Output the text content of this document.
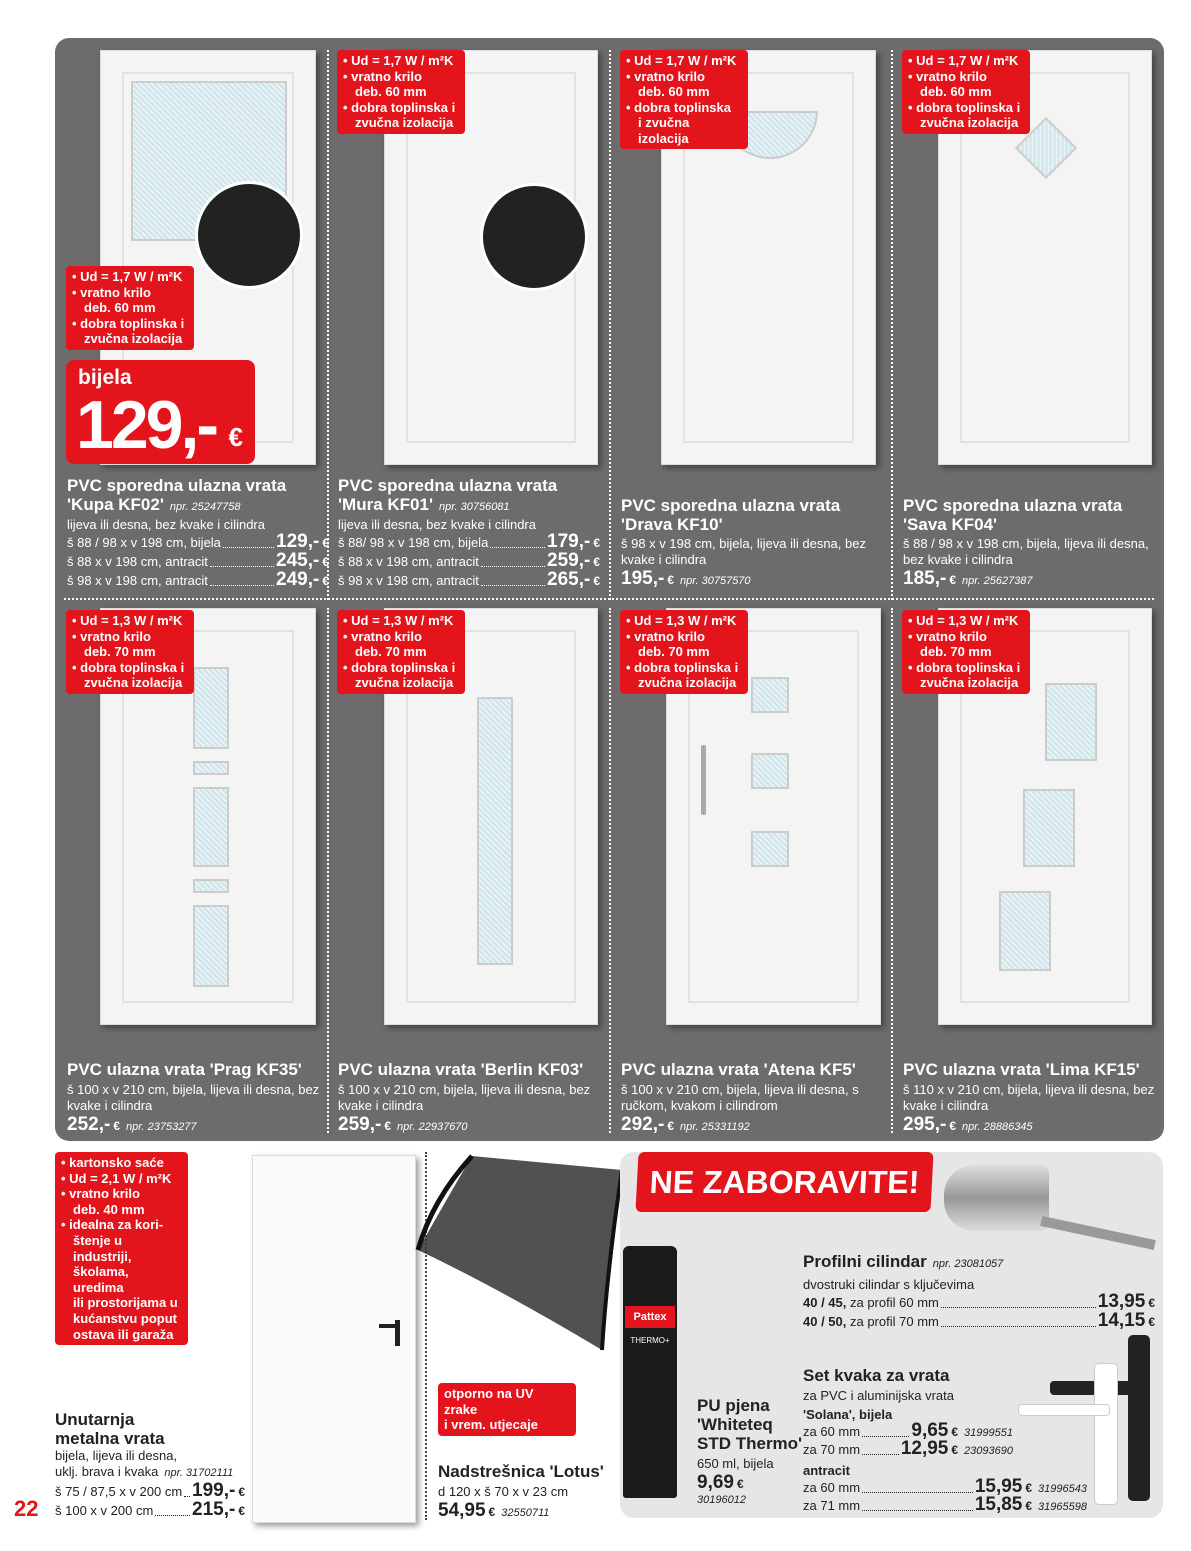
bijela
129,- €
• Ud = 1,7 W / m²K
• vratno krilo
deb. 60 mm
• dobra toplinska i
zvučna izolacija
• Ud = 1,7 W / m²K
• vratno krilo
deb. 60 mm
• dobra toplinska i
zvučna izolacija
• Ud = 1,7 W / m²K
• vratno krilo
deb. 60 mm
• dobra toplinska
i zvučna izolacija
• Ud = 1,7 W / m²K
• vratno krilo
deb. 60 mm
• dobra toplinska i
zvučna izolacija
PVC sporedna ulazna vrata
'Kupa KF02' npr. 25247758
lijeva ili desna, bez kvake i cilindra
š 88 / 98 x v 198 cm, bijela	129,- €
š 88 x v 198 cm, antracit	245,- €
š 98 x v 198 cm, antracit	249,- €
PVC sporedna ulazna vrata
'Mura KF01' npr. 30756081
lijeva ili desna, bez kvake i cilindra
š 88/ 98 x v 198 cm, bijela	179,- €
š 88 x v 198 cm, antracit	259,- €
š 98 x v 198 cm, antracit	265,- €
PVC sporedna ulazna vrata
'Drava KF10'
š 98 x v 198 cm, bijela, lijeva ili desna, bez kvake i cilindra
195,- € npr. 30757570
PVC sporedna ulazna vrata
'Sava KF04'
š 88 / 98 x v 198 cm, bijela, lijeva ili desna, bez kvake i cilindra
185,- € npr. 25627387
• Ud = 1,3 W / m²K
• vratno krilo
deb. 70 mm
• dobra toplinska i
zvučna izolacija
• Ud = 1,3 W / m²K
• vratno krilo
deb. 70 mm
• dobra toplinska i
zvučna izolacija
• Ud = 1,3 W / m²K
• vratno krilo
deb. 70 mm
• dobra toplinska i
zvučna izolacija
• Ud = 1,3 W / m²K
• vratno krilo
deb. 70 mm
• dobra toplinska i
zvučna izolacija
PVC ulazna vrata 'Prag KF35'
š 100 x v 210 cm, bijela, lijeva ili desna, bez kvake i cilindra
252,- € npr. 23753277
PVC ulazna vrata 'Berlin KF03'
š 100 x v 210 cm, bijela, lijeva ili desna, bez kvake i cilindra
259,- € npr. 22937670
PVC ulazna vrata 'Atena KF5'
š 100 x v 210 cm, bijela, lijeva ili desna, s ručkom, kvakom i cilindrom
292,- € npr. 25331192
PVC ulazna vrata 'Lima KF15'
š 110 x v 210 cm, bijela, lijeva ili desna, bez kvake i cilindra
295,- € npr. 28886345
• kartonsko saće
• Ud = 2,1 W / m²K
• vratno krilo
deb. 40 mm
• idealna za kori-
štenje u industriji,
školama, uredima
ili prostorijama u
kućanstvu poput
ostava ili garaža
Unutarnja
metalna vrata
bijela, lijeva ili desna,
uklj. brava i kvaka npr. 31702111
š 75 / 87,5 x v 200 cm 199,- €
š 100 x v 200 cm 215,- €
22
otporno na UV zrake
i vrem. utjecaje
Nadstrešnica 'Lotus'
d 120 x š 70 x v 23 cm
54,95 € 32550711
NE ZABORAVITE!
Pattex
THERMO+
PU pjena
'Whiteteq
STD Thermo'
650 ml, bijela
9,69 €
30196012
Profilni cilindar npr. 23081057
dvostruki cilindar s ključevima
40 / 45, za profil 60 mm	13,95 €
40 / 50, za profil 70 mm	14,15 €
Set kvaka za vrata
za PVC i aluminijska vrata
'Solana', bijela
za 60 mm	9,65 € 31999551
za 70 mm 12,95 € 23093690
antracit
za 60 mm	15,95 € 31996543
za 71 mm	15,85 € 31965598
